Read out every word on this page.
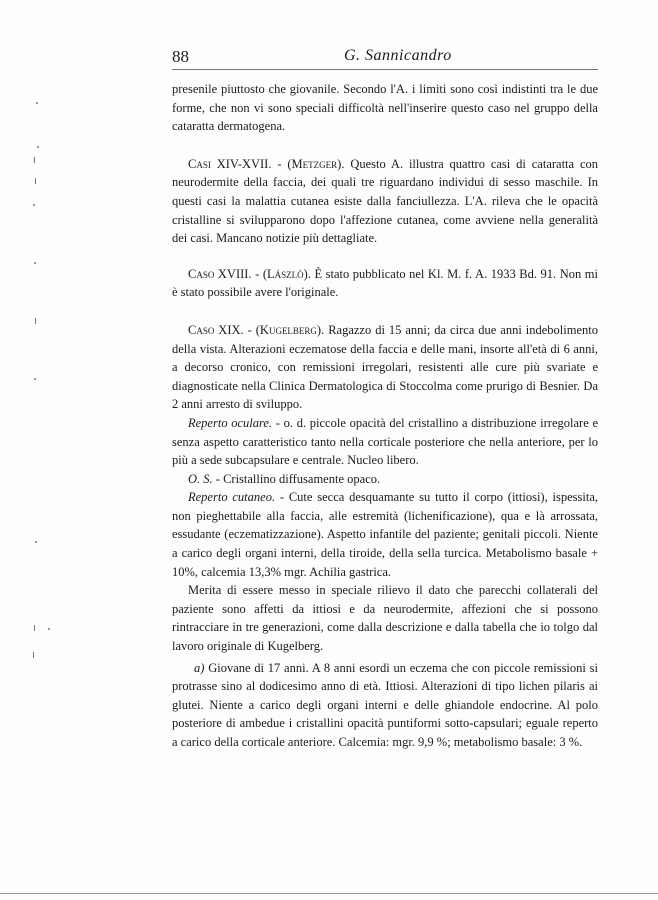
88	G. Sannicandro

presenile piuttosto che giovanile. Secondo l'A. i limiti sono così indistinti tra le due forme, che non vi sono speciali difficoltà nell'inserire questo caso nel gruppo della cataratta dermatogena.

Casi XIV-XVII. - (Metzger). Questo A. illustra quattro casi di cataratta con neurodermite della faccia, dei quali tre riguardano individui di sesso maschile. In questi casi la malattia cutanea esiste dalla fanciullezza. L'A. rileva che le opacità cristalline si svilupparono dopo l'affezione cutanea, come avviene nella generalità dei casi. Mancano notizie più dettagliate.

Caso XVIII. - (Lászlò). È stato pubblicato nel Kl. M. f. A. 1933 Bd. 91. Non mi è stato possibile avere l'originale.

Caso XIX. - (Kugelberg). Ragazzo di 15 anni; da circa due anni indebolimento della vista. Alterazioni eczematose della faccia e delle mani, insorte all'età di 6 anni, a decorso cronico, con remissioni irregolari, resistenti alle cure più svariate e diagnosticate nella Clinica Dermatologica di Stoccolma come prurigo di Besnier. Da 2 anni arresto di sviluppo.

Reperto oculare. - o. d. piccole opacità del cristallino a distribuzione irregolare e senza aspetto caratteristico tanto nella corticale posteriore che nella anteriore, per lo più a sede subcapsulare e centrale. Nucleo libero.

O. S. - Cristallino diffusamente opaco.

Reperto cutaneo. - Cute secca desquamante su tutto il corpo (ittiosi), ispessita, non pieghettabile alla faccia, alle estremità (lichenificazione), qua e là arrossata, essudante (eczematizzazione). Aspetto infantile del paziente; genitali piccoli. Niente a carico degli organi interni, della tiroide, della sella turcica. Metabolismo basale + 10%, calcemia 13,3% mgr. Achilia gastrica.

Merita di essere messo in speciale rilievo il dato che parecchi collaterali del paziente sono affetti da ittiosi e da neurodermite, affezioni che si possono rintracciare in tre generazioni, come dalla descrizione e dalla tabella che io tolgo dal lavoro originale di Kugelberg.

a) Giovane di 17 anni. A 8 anni esordì un eczema che con piccole remissioni si protrasse sino al dodicesimo anno di età. Ittiosi. Alterazioni di tipo lichen pilaris ai glutei. Niente a carico degli organi interni e delle ghiandole endocrine. Al polo posteriore di ambedue i cristallini opacità puntiformi sotto-capsulari; eguale reperto a carico della corticale anteriore. Calcemia: mgr. 9,9 %; metabolismo basale: 3 %.
